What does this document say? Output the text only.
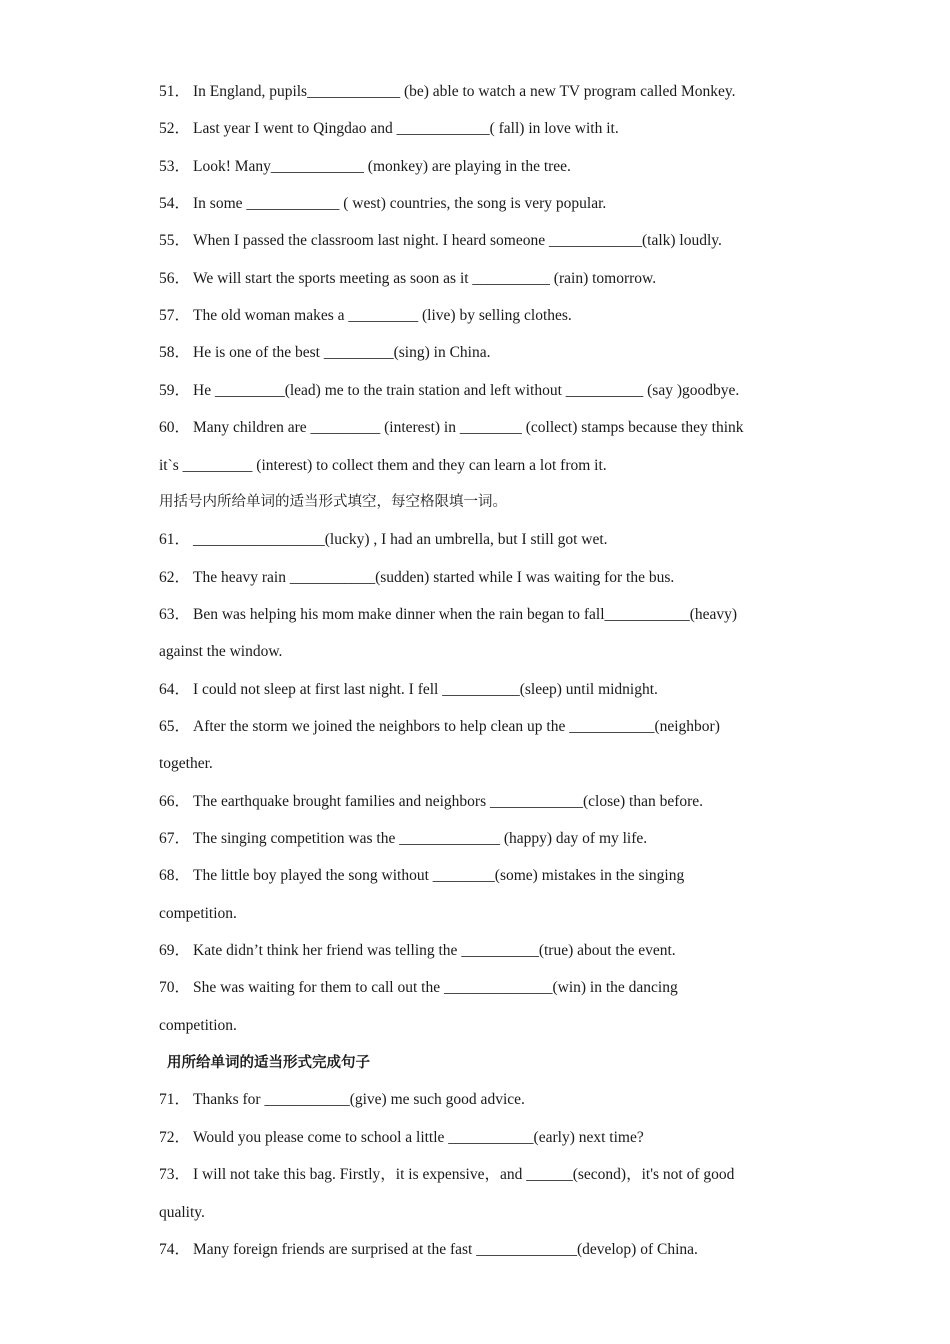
51． In England, pupils____________ (be) able to watch a new TV program called Monkey.
52． Last year I went to Qingdao and ____________( fall) in love with it.
53． Look! Many____________ (monkey) are playing in the tree.
54． In some ____________ ( west) countries, the song is very popular.
55． When I passed the classroom last night. I heard someone ____________(talk) loudly.
56． We will start the sports meeting as soon as it __________ (rain) tomorrow.
57． The old woman makes a _________ (live) by selling clothes.
58． He is one of the best _________(sing) in China.
59． He _________(lead) me to the train station and left without __________ (say )goodbye.
60． Many children are _________ (interest) in ________ (collect) stamps because they think
it`s _________ (interest) to collect them and they can learn a lot from it.
用括号内所给单词的适当形式填空，每空格限填一词。
61． _________________(lucky) , I had an umbrella, but I still got wet.
62． The heavy rain ___________(sudden) started while I was waiting for the bus.
63． Ben was helping his mom make dinner when the rain began to fall___________(heavy)
against the window.
64． I could not sleep at first last night. I fell __________(sleep) until midnight.
65． After the storm we joined the neighbors to help clean up the ___________(neighbor)
together.
66． The earthquake brought families and neighbors ____________(close) than before.
67． The singing competition was the _____________ (happy) day of my life.
68． The little boy played the song without ________(some) mistakes in the singing
competition.
69． Kate didn’t think her friend was telling the __________(true) about the event.
70． She was waiting for them to call out the ______________(win) in the dancing
competition.
用所给单词的适当形式完成句子
71． Thanks for ___________(give) me such good advice.
72． Would you please come to school a little ___________(early) next time?
73． I will not take this bag. Firstly，it is expensive，and ______(second)，it's not of good
quality.
74． Many foreign friends are surprised at the fast _____________(develop) of China.
